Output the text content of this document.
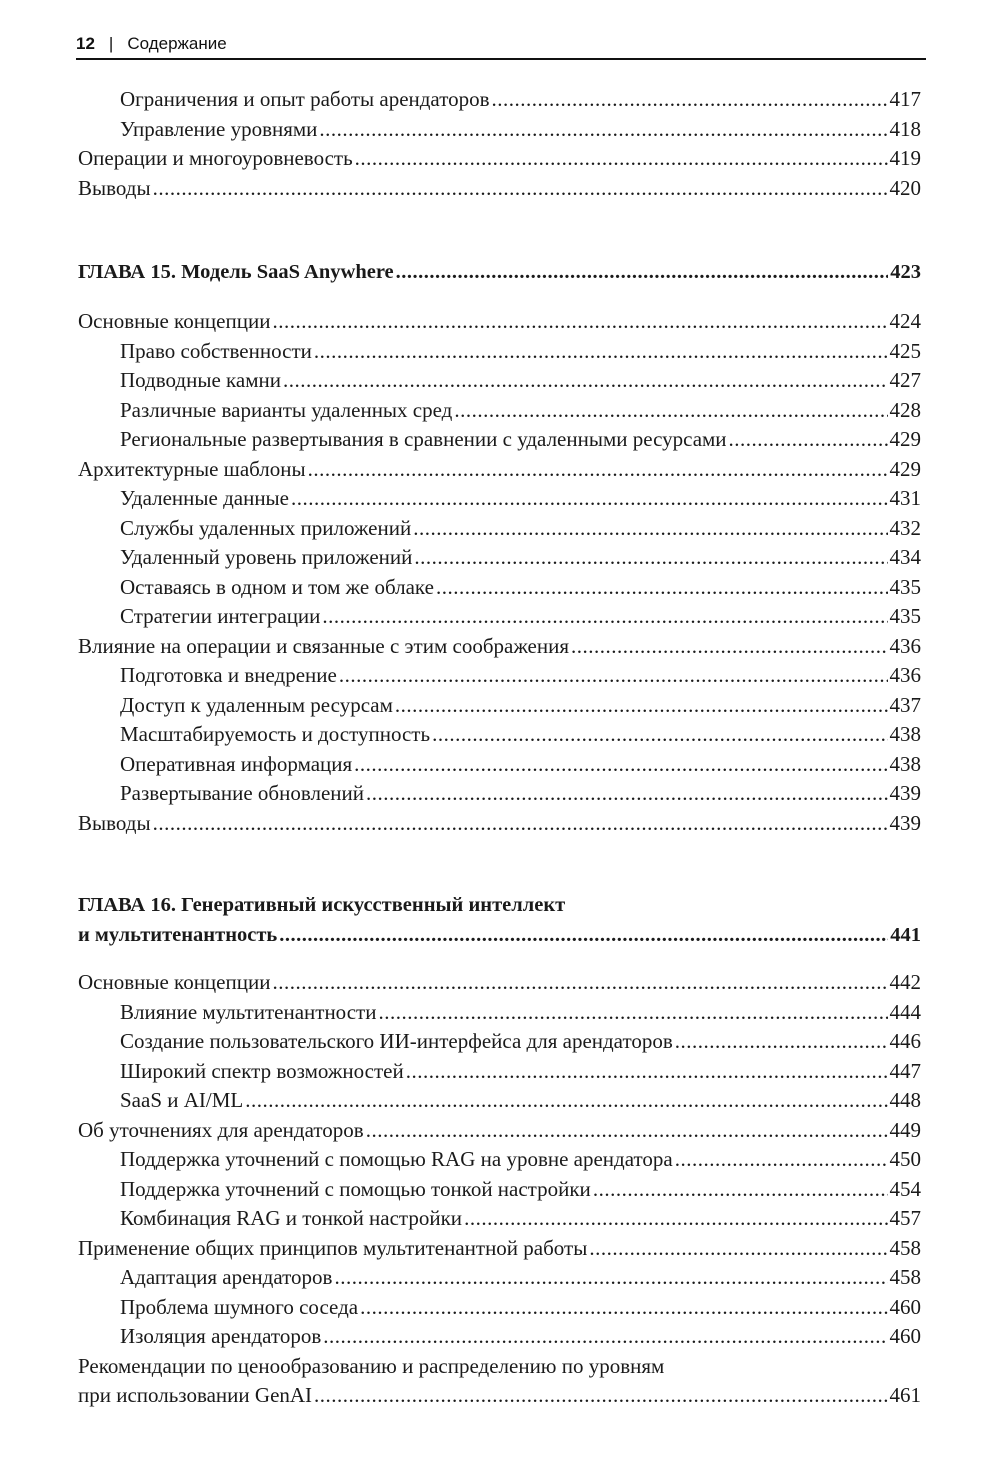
12 | Содержание
Ограничения и опыт работы арендаторов .....	417
Управление уровнями .....	418
Операции и многоуровневость .....	419
Выводы .....	420
ГЛАВА 15. Модель SaaS Anywhere .....	423
Основные концепции .....	424
Право собственности .....	425
Подводные камни .....	427
Различные варианты удаленных сред .....	428
Региональные развертывания в сравнении с удаленными ресурсами .....	429
Архитектурные шаблоны .....	429
Удаленные данные .....	431
Службы удаленных приложений .....	432
Удаленный уровень приложений .....	434
Оставаясь в одном и том же облаке .....	435
Стратегии интеграции .....	435
Влияние на операции и связанные с этим соображения .....	436
Подготовка и внедрение .....	436
Доступ к удаленным ресурсам .....	437
Масштабируемость и доступность .....	438
Оперативная информация .....	438
Развертывание обновлений .....	439
Выводы .....	439
ГЛАВА 16. Генеративный искусственный интеллект
и мультитенантность .....	441
Основные концепции .....	442
Влияние мультитенантности .....	444
Создание пользовательского ИИ-интерфейса для арендаторов .....	446
Широкий спектр возможностей .....	447
SaaS и AI/ML .....	448
Об уточнениях для арендаторов .....	449
Поддержка уточнений с помощью RAG на уровне арендатора .....	450
Поддержка уточнений с помощью тонкой настройки .....	454
Комбинация RAG и тонкой настройки .....	457
Применение общих принципов мультитенантной работы .....	458
Адаптация арендаторов .....	458
Проблема шумного соседа .....	460
Изоляция арендаторов .....	460
Рекомендации по ценообразованию и распределению по уровням
при использовании GenAI .....	461
